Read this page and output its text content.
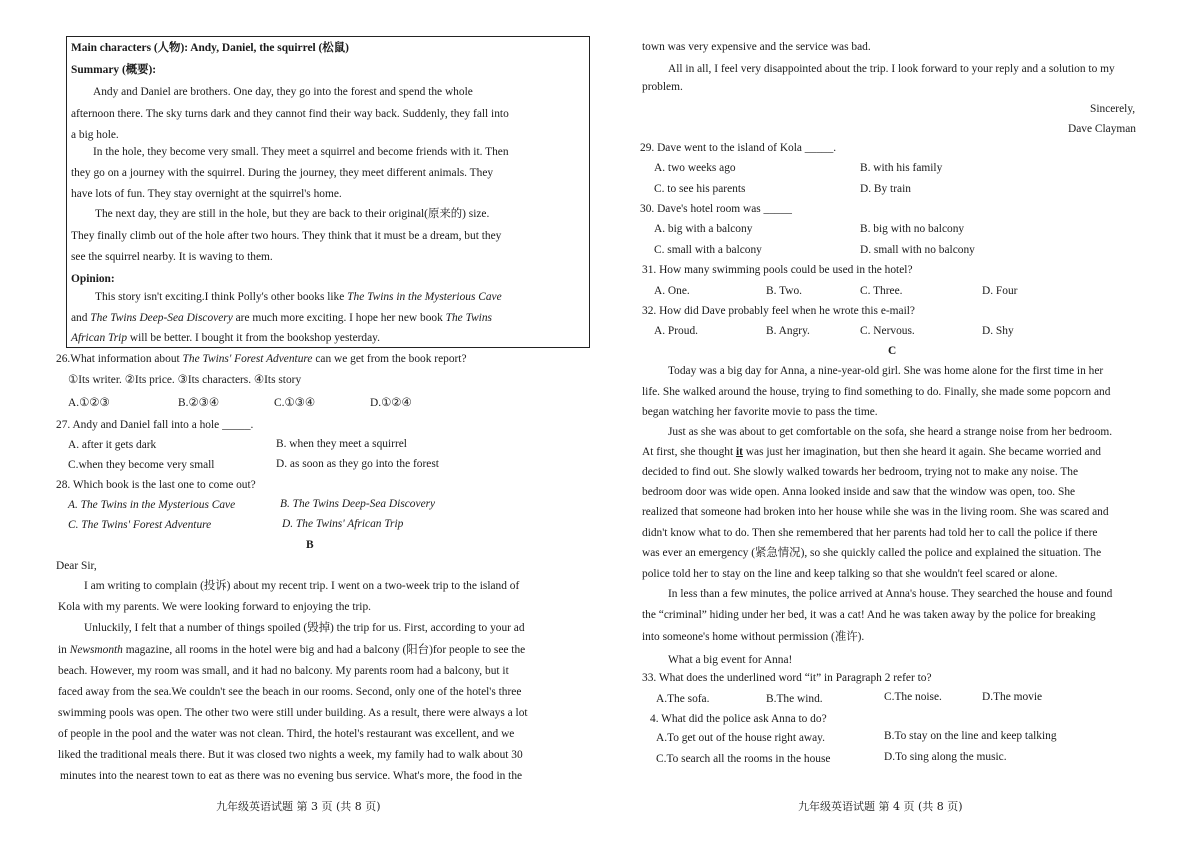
Main characters (人物): Andy, Daniel, the squirrel (松鼠)
Summary (概要):
Andy and Daniel are brothers. One day, they go into the forest and spend the whole
afternoon there. The sky turns dark and they cannot find their way back. Suddenly, they fall into
a big hole.
In the hole, they become very small. They meet a squirrel and become friends with it. Then
they go on a journey with the squirrel. During the journey, they meet different animals. They
have lots of fun. They stay overnight at the squirrel's home.
The next day, they are still in the hole, but they are back to their original(原来的) size.
They finally climb out of the hole after two hours. They think that it must be a dream, but they
see the squirrel nearby. It is waving to them.
Opinion:
This story isn't exciting.I think Polly's other books like The Twins in the Mysterious Cave
and The Twins Deep-Sea Discovery are much more exciting. I hope her new book The Twins
African Trip will be better. I bought it from the bookshop yesterday.
26.What information about The Twins' Forest Adventure can we get from the book report?
①Its writer. ②Its price. ③Its characters. ④Its story
A.①②③	B.②③④	C.①③④	D.①②④
27. Andy and Daniel fall into a hole _____.
A. after it gets dark	B. when they meet a squirrel
C.when they become very small	D. as soon as they go into the forest
28. Which book is the last one to come out?
A. The Twins in the Mysterious Cave	B. The Twins Deep-Sea Discovery
C. The Twins' Forest Adventure	D. The Twins' African Trip
B
Dear Sir,
I am writing to complain (投诉) about my recent trip. I went on a two-week trip to the island of
Kola with my parents. We were looking forward to enjoying the trip.
Unluckily, I felt that a number of things spoiled (毁掉) the trip for us. First, according to your ad
in Newsmonth magazine, all rooms in the hotel were big and had a balcony (阳台)for people to see the
beach. However, my room was small, and it had no balcony. My parents room had a balcony, but it
faced away from the sea.We couldn't see the beach in our rooms. Second, only one of the hotel's three
swimming pools was open. The other two were still under building. As a result, there were always a lot
of people in the pool and the water was not clean. Third, the hotel's restaurant was excellent, and we
liked the traditional meals there. But it was closed two nights a week, my family had to walk about 30
minutes into the nearest town to eat as there was no evening bus service. What's more, the food in the
九年级英语试题 第 3 页 (共 8 页)
town was very expensive and the service was bad.
All in all, I feel very disappointed about the trip. I look forward to your reply and a solution to my
problem.
Sincerely,
Dave Clayman
29. Dave went to the island of Kola _____.
A. two weeks ago	B. with his family
C. to see his parents	D. By train
30. Dave's hotel room was _____
A. big with a balcony	B. big with no balcony
C. small with a balcony	D. small with no balcony
31. How many swimming pools could be used in the hotel?
A. One.	B. Two.	C. Three.	D. Four
32. How did Dave probably feel when he wrote this e-mail?
A. Proud.	B. Angry.	C. Nervous.	D. Shy
C
Today was a big day for Anna, a nine-year-old girl. She was home alone for the first time in her
life. She walked around the house, trying to find something to do. Finally, she made some popcorn and
began watching her favorite movie to pass the time.
Just as she was about to get comfortable on the sofa, she heard a strange noise from her bedroom.
At first, she thought it was just her imagination, but then she heard it again. She became worried and
decided to find out. She slowly walked towards her bedroom, trying not to make any noise. The
bedroom door was wide open. Anna looked inside and saw that the window was open, too. She
realized that someone had broken into her house while she was in the living room. She was scared and
didn't know what to do. Then she remembered that her parents had told her to call the police if there
was ever an emergency (紧急情况), so she quickly called the police and explained the situation. The
police told her to stay on the line and keep talking so that she wouldn't feel scared or alone.
In less than a few minutes, the police arrived at Anna's house. They searched the house and found
the “criminal” hiding under her bed, it was a cat! And he was taken away by the police for breaking
into someone's home without permission (准许).
What a big event for Anna!
33. What does the underlined word “it” in Paragraph 2 refer to?
A.The sofa.	B.The wind.	C.The noise.	D.The movie
4. What did the police ask Anna to do?
A.To get out of the house right away.	B.To stay on the line and keep talking
C.To search all the rooms in the house	D.To sing along the music.
九年级英语试题 第 4 页 (共 8 页)
